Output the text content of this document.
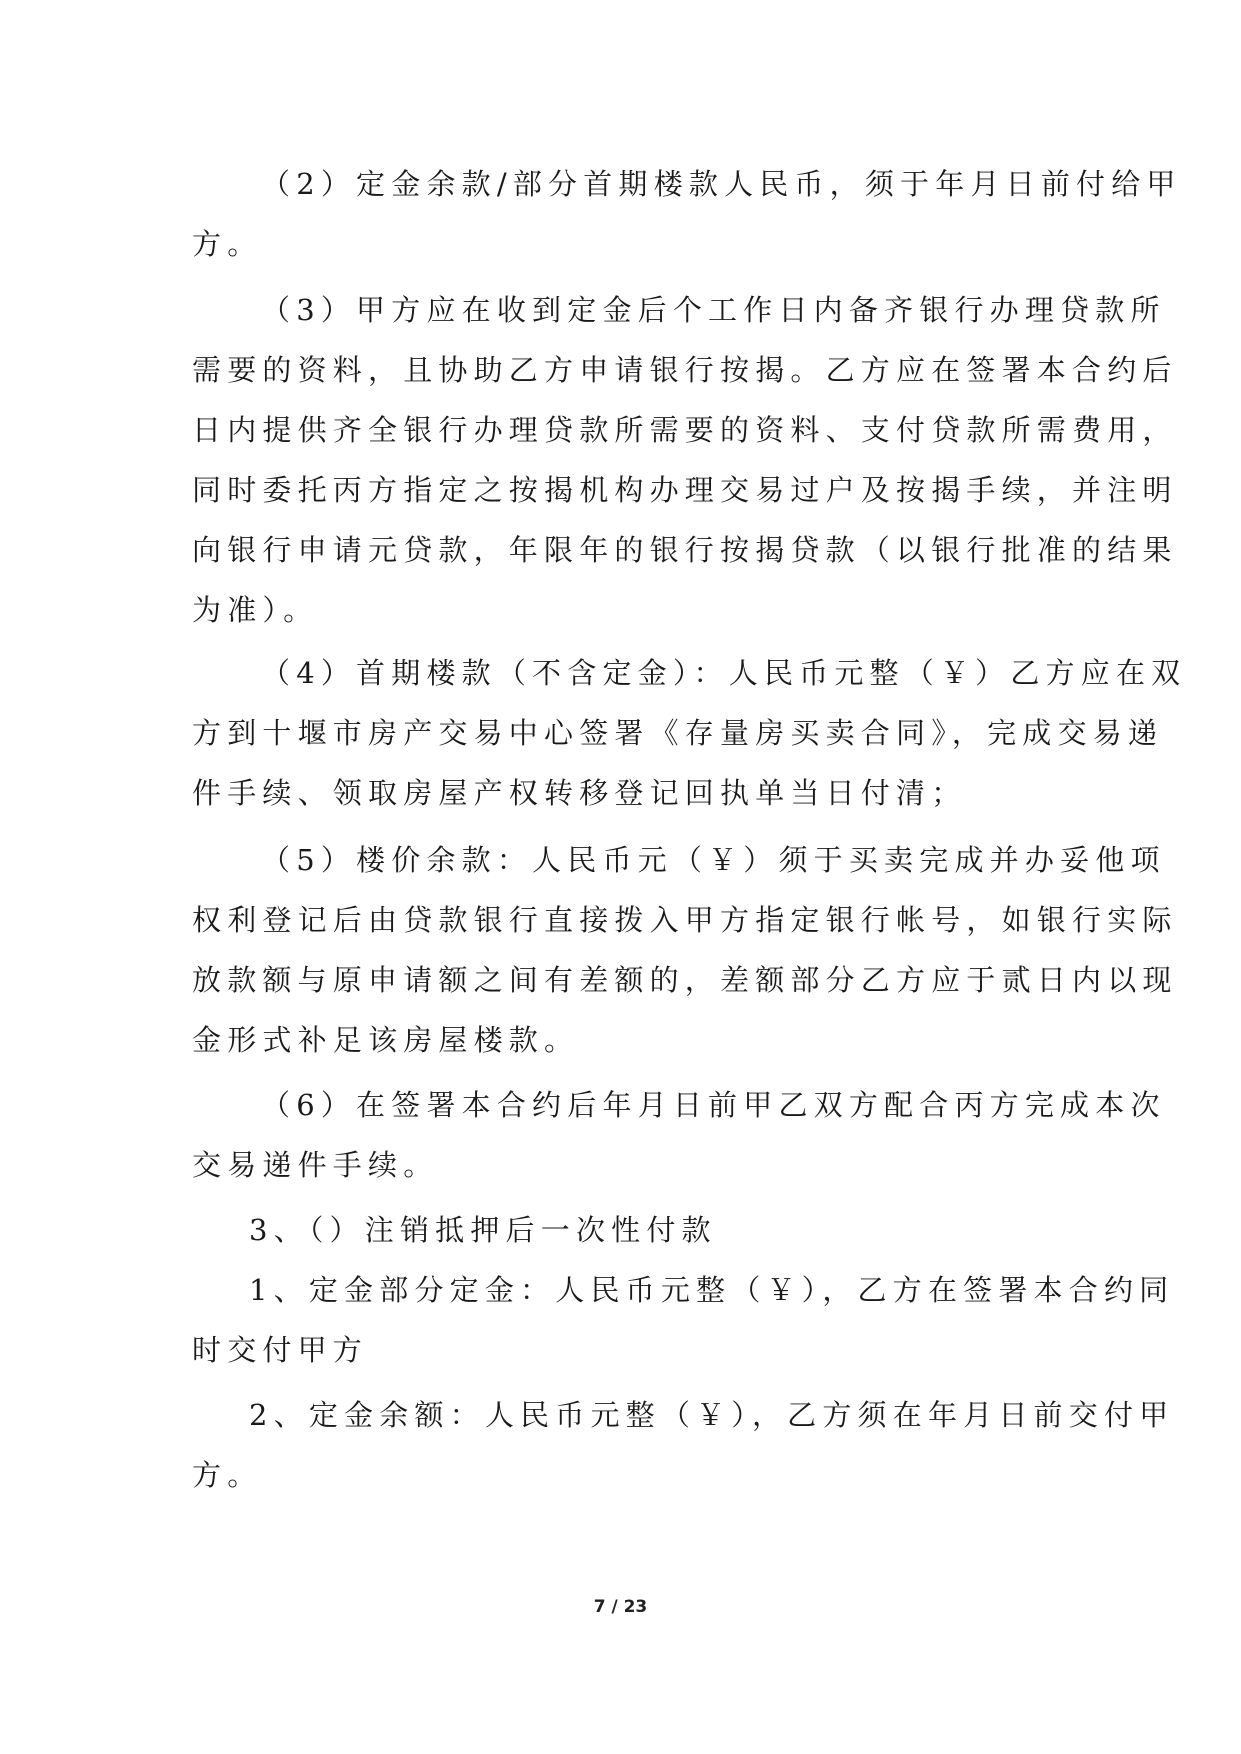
（2）定金余款/部分首期楼款人民币，须于年月日前付给甲
方。
（3）甲方应在收到定金后个工作日内备齐银行办理贷款所
需要的资料，且协助乙方申请银行按揭。乙方应在签署本合约后
日内提供齐全银行办理贷款所需要的资料、支付贷款所需费用，
同时委托丙方指定之按揭机构办理交易过户及按揭手续，并注明
向银行申请元贷款，年限年的银行按揭贷款（以银行批准的结果
为准）。
（4）首期楼款（不含定金）：人民币元整（￥）乙方应在双
方到十堰市房产交易中心签署《存量房买卖合同》，完成交易递
件手续、领取房屋产权转移登记回执单当日付清；
（5）楼价余款：人民币元（￥）须于买卖完成并办妥他项
权利登记后由贷款银行直接拨入甲方指定银行帐号，如银行实际
放款额与原申请额之间有差额的，差额部分乙方应于贰日内以现
金形式补足该房屋楼款。
（6）在签署本合约后年月日前甲乙双方配合丙方完成本次
交易递件手续。
3、（）注销抵押后一次性付款
1、定金部分定金：人民币元整（￥），乙方在签署本合约同
时交付甲方
2、定金余额：人民币元整（￥），乙方须在年月日前交付甲
方。
7 / 23
